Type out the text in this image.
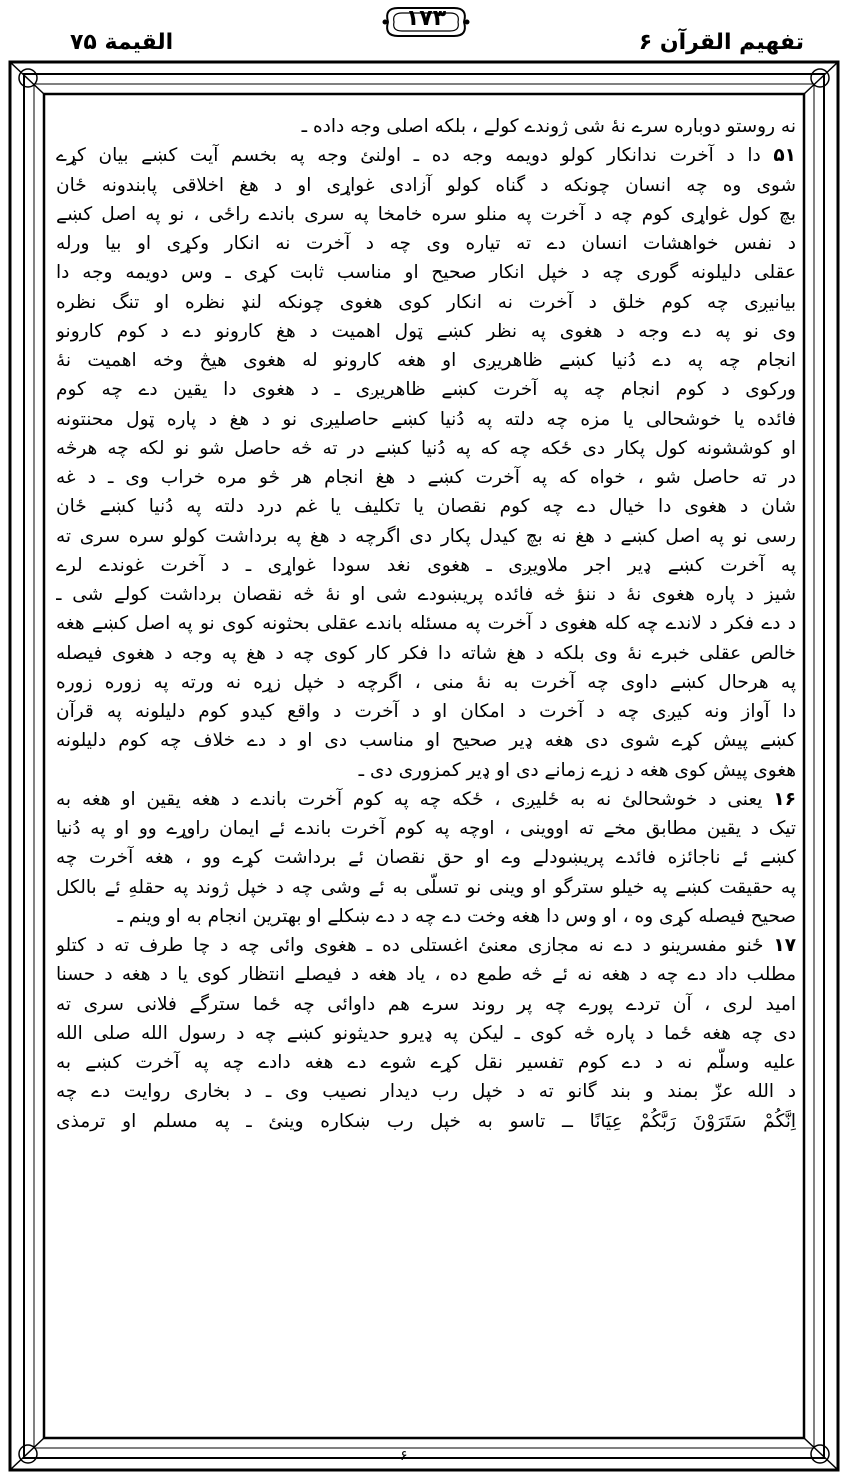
۱۷۳
تفهیم القرآن ۶
القیمة ۷۵
نه روستو دوباره سرے نهٔ شی ژوندے کولے ، بلکه اصلی وجه داده ـ
۵۱ دا د آخرت ندانکار کولو دویمه وجه ده ـ اولنئ وجه په بخسم آیت کښے بیان کړے
شوی وه چه انسان چونکه د گناه کولو آزادی غواړی او د هغ اخلاقی پابندونه ځان
بچ کول غواړی کوم چه د آخرت په منلو سره خامخا په سری باندے راځی ، نو په اصل کښے
د نفس خواهشات انسان دے ته تیاره وی چه د آخرت نه انکار وکړی او بیا ورله
عقلی دلیلونه گوری چه د خپل انکار صحیح او مناسب ثابت کړی ـ وس دویمه وجه دا
بیانیږی چه کوم خلق د آخرت نه انکار کوی هغوی چونکه لنډ نظره او تنگ نظره
وی نو په دے وجه د هغوی په نظر کښے ټول اهمیت د هغ کارونو دے د کوم کارونو
انجام چه په دے دُنیا کښے ظاهریږی او هغه کارونو له هغوی هیڅ وخه اهمیت نهٔ
ورکوی د کوم انجام چه په آخرت کښے ظاهریږی ـ د هغوی دا یقین دے چه کوم
فائده یا خوشحالی یا مزه چه دلته په دُنیا کښے حاصلیږی نو د هغ د پاره ټول محنتونه
او کوششونه کول پکار دی ځکه چه که په دُنیا کښے در ته څه حاصل شو نو لکه چه هرڅه
در ته حاصل شو ، خواه که په آخرت کښے د هغ انجام هر څو مره خراب وی ـ د غه
شان د هغوی دا خیال دے چه کوم نقصان یا تکلیف یا غم درد دلته په دُنیا کښے ځان
رسی نو په اصل کښے د هغ نه بچ کیدل پکار دی اگرچه د هغ په برداشت کولو سره سری ته
په آخرت کښے ډیر اجر ملاویږی ـ هغوی نغد سودا غواړی ـ د آخرت غوندے لرے
شیز د پاره هغوی نهٔ د ننؤ څه فائده پریښودے شی او نهٔ څه نقصان برداشت کولے شی ـ
د دے فکر د لاندے چه کله هغوی د آخرت په مسئله باندے عقلی بحثونه کوی نو په اصل کښے هغه
خالص عقلی خبرے نهٔ وی بلکه د هغ شاته دا فکر کار کوی چه د هغ په وجه د هغوی فیصله
په هرحال کښے داوی چه آخرت به نهٔ منی ، اگرچه د خپل زړه نه ورته په زوره زوره
دا آواز ونه کیږی چه د آخرت د امکان او د آخرت د واقع کیدو کوم دلیلونه په قرآن
کښے پیش کړے شوی دی هغه ډیر صحیح او مناسب دی او د دے خلاف چه کوم دلیلونه
هغوی پیش کوی هغه د زړے زمانے دی او ډیر کمزوری دی ـ
۱۶ یعنی د خوشحالئ نه به ځلیږی ، ځکه چه په کوم آخرت باندے د هغه یقین او هغه به
تیک د یقین مطابق مخے ته اووینی ، اوچه په کوم آخرت باندے ئے ایمان راوړے وو او په دُنیا
کښے ئے ناجائزه فائدے پریښودلے وے او حق نقصان ئے برداشت کړے وو ، هغه آخرت چه
په حقیقت کښے په خیلو سترگو او وینی نو تسلّی به ئے وشی چه د خپل ژوند په حقلهِ ئے بالکل
صحیح فیصله کړی وه ، او وس دا هغه وخت دے چه د دے ښکلے او بهترین انجام به او وینم ـ
۱۷ ځنو مفسرینو د دے نه مجازی معنئ اغستلی ده ـ هغوی وائی چه د چا طرف ته د کتلو
مطلب داد دے چه د هغه نه ئے څه طمع ده ، یاد هغه د فیصلے انتظار کوی یا د هغه د حسنا
امید لری ، آن تردے پورے چه پر روند سرے هم داوائی چه ځما سترگے فلانی سری ته
دی چه هغه ځما د پاره څه کوی ـ لیکن په ډیرو حدیثونو کښے چه د رسول الله صلی الله
علیه وسلّم نه د دے کوم تفسیر نقل کړے شوے دے هغه دادے چه په آخرت کښے به
د الله عزّ بمند و بند گانو ته د خپل رب دیدار نصیب وی ـ د بخاری روایت دے چه
اِنَّکُمْ سَتَرَوْنَ رَبَّکُمْ عِیَانًا ــ تاسو به خپل رب ښکاره وینئ ـ په مسلم او ترمذی
۶
